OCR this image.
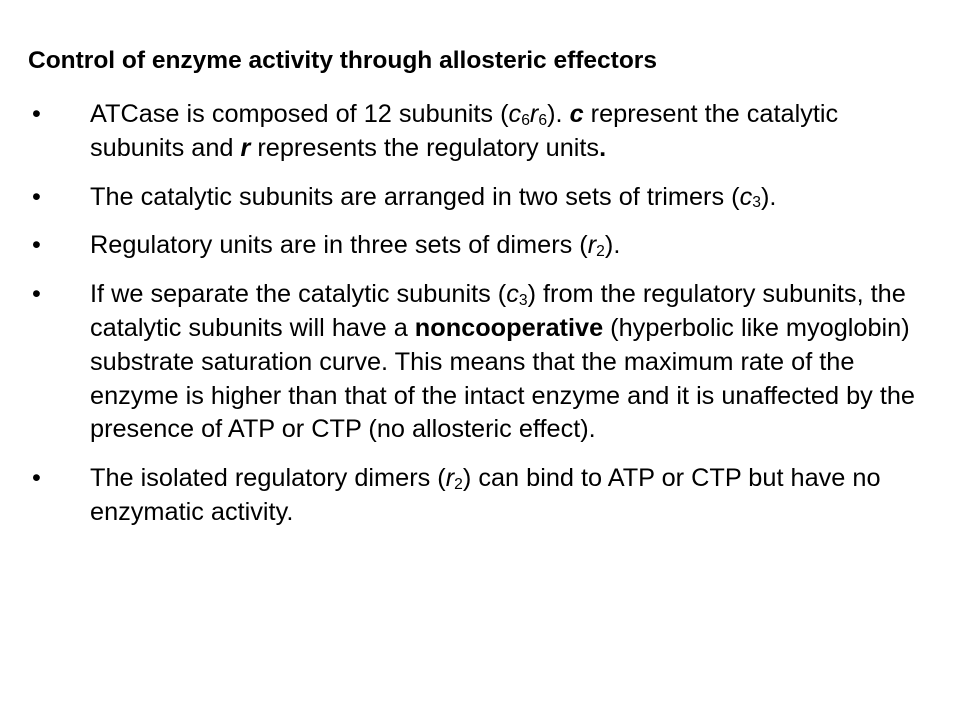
Control of enzyme activity through allosteric effectors
•	ATCase is composed of 12 subunits $(c_6r_6)$. c represent the catalytic subunits and r represents the regulatory units.
•	The catalytic subunits are arranged in two sets of trimers $(c_3)$.
•	Regulatory units are in three sets of dimers $(r_2)$.
•	If we separate the catalytic subunits $(c_3)$ from the regulatory subunits, the catalytic subunits will have a noncooperative (hyperbolic like myoglobin) substrate saturation curve. This means that the maximum rate of the enzyme is higher than that of the intact enzyme and it is unaffected by the presence of ATP or CTP (no allosteric effect).
•	The isolated regulatory dimers $(r_2)$ can bind to ATP or CTP but have no enzymatic activity.
